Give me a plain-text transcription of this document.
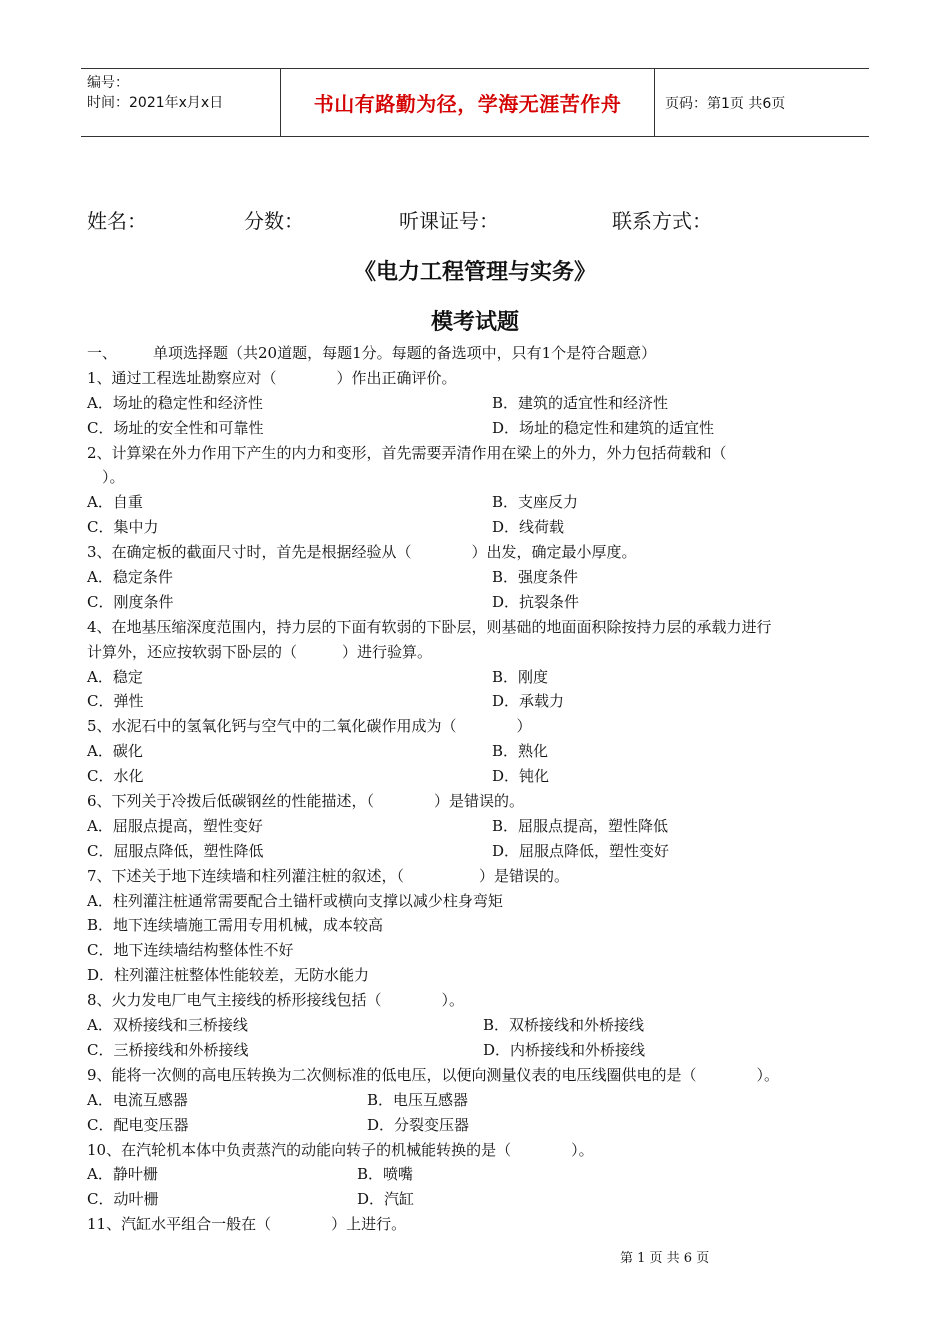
编号：
时间：2021年x月x日	书山有路勤为径，学海无涯苦作舟	页码：第1页 共6页
姓名：	分数：	听课证号：	联系方式：
《电力工程管理与实务》
模考试题
一、 单项选择题（共20道题，每题1分。每题的备选项中，只有1个是符合题意）
1、通过工程选址勘察应对（　　　　）作出正确评价。
A．场址的稳定性和经济性	B．建筑的适宜性和经济性
C．场址的安全性和可靠性	D．场址的稳定性和建筑的适宜性
2、计算梁在外力作用下产生的内力和变形，首先需要弄清作用在梁上的外力，外力包括荷载和（
　）。
A．自重	B．支座反力
C．集中力	D．线荷载
3、在确定板的截面尺寸时，首先是根据经验从（　　　　）出发，确定最小厚度。
A．稳定条件	B．强度条件
C．刚度条件	D．抗裂条件
4、在地基压缩深度范围内，持力层的下面有软弱的下卧层，则基础的地面面积除按持力层的承载力进行
计算外，还应按软弱下卧层的（　　　）进行验算。
A．稳定	B．刚度
C．弹性	D．承载力
5、水泥石中的氢氧化钙与空气中的二氧化碳作用成为（　　　　）
A．碳化	B．熟化
C．水化	D．钝化
6、下列关于冷拨后低碳钢丝的性能描述，（　　　　）是错误的。
A．屈服点提高，塑性变好	B．屈服点提高，塑性降低
C．屈服点降低，塑性降低	D．屈服点降低，塑性变好
7、下述关于地下连续墙和柱列灌注桩的叙述，（　　　　　）是错误的。
A．柱列灌注桩通常需要配合土锚杆或横向支撑以减少柱身弯矩
B．地下连续墙施工需用专用机械，成本较高
C．地下连续墙结构整体性不好
D．柱列灌注桩整体性能较差，无防水能力
8、火力发电厂电气主接线的桥形接线包括（　　　　）。
A．双桥接线和三桥接线	B．双桥接线和外桥接线
C．三桥接线和外桥接线	D．内桥接线和外桥接线
9、能将一次侧的高电压转换为二次侧标准的低电压，以便向测量仪表的电压线圈供电的是（　　　　）。
A．电流互感器	B．电压互感器
C．配电变压器	D．分裂变压器
10、在汽轮机本体中负责蒸汽的动能向转子的机械能转换的是（　　　　）。
A．静叶栅	B．喷嘴
C．动叶栅	D．汽缸
11、汽缸水平组合一般在（　　　　）上进行。
第 1 页 共 6 页
